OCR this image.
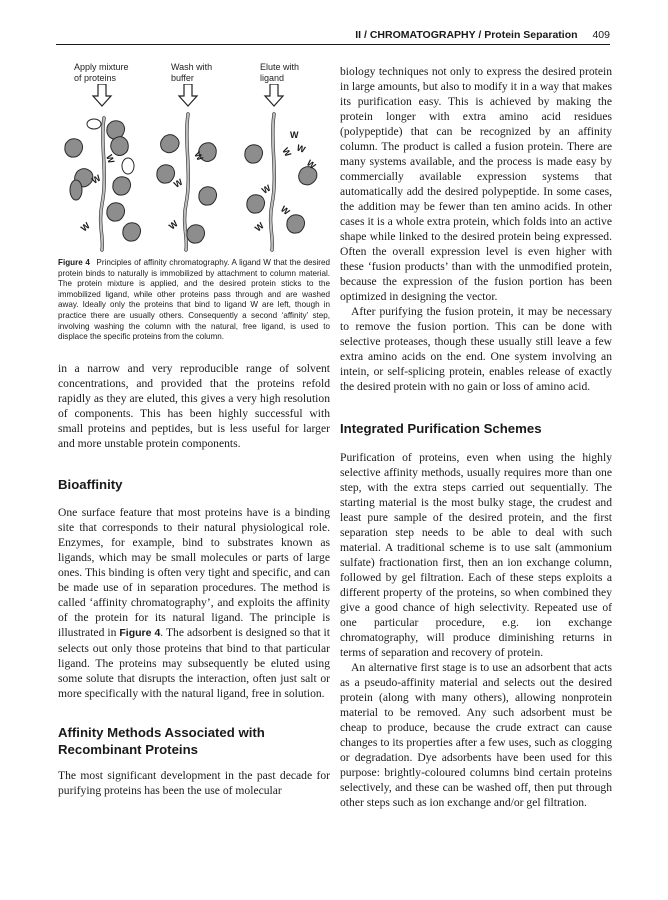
II / CHROMATOGRAPHY / Protein Separation 409
Apply mixture
of proteins
Wash with
buffer
Elute with
ligand
W
W
W
W
W
W
W
W
W
W
W
W
W
Figure 4 Principles of affinity chromatography. A ligand W that the desired protein binds to naturally is immobilized by attachment to column material. The protein mixture is applied, and the desired protein sticks to the immobilized ligand, while other proteins pass through and are washed away. Ideally only the proteins that bind to ligand W are left, though in practice there are usually others. Consequently a second ‘affinity’ step, involving washing the column with the natural, free ligand, is used to displace the specific proteins from the column.

in a narrow and very reproducible range of solvent concentrations, and provided that the proteins refold rapidly as they are eluted, this gives a very high resolution of components. This has been highly successful with small proteins and peptides, but is less useful for larger and more unstable protein components.

Bioaffinity

One surface feature that most proteins have is a binding site that corresponds to their natural physiological role. Enzymes, for example, bind to substrates known as ligands, which may be small molecules or parts of large ones. This binding is often very tight and specific, and can be made use of in separation procedures. The method is called ‘affinity chromatography’, and exploits the affinity of the protein for its natural ligand. The principle is illustrated in Figure 4. The adsorbent is designed so that it selects out only those proteins that bind to that particular ligand. The proteins may subsequently be eluted using some solute that disrupts the interaction, often just salt or more specifically with the natural ligand, free in solution.

Affinity Methods Associated with Recombinant Proteins

The most significant development in the past decade for purifying proteins has been the use of molecular

biology techniques not only to express the desired protein in large amounts, but also to modify it in a way that makes its purification easy. This is achieved by making the protein longer with extra amino acid residues (polypeptide) that can be recognized by an affinity column. The product is called a fusion protein. There are many systems available, and the process is made easy by commercially available expression systems that automatically add the desired polypeptide. In some cases, the addition may be fewer than ten amino acids. In other cases it is a whole extra protein, which folds into an active shape while linked to the desired protein being expressed. Often the overall expression level is even higher with these ‘fusion products’ than with the unmodified protein, because the expression of the fusion portion has been optimized in designing the vector.

After purifying the fusion protein, it may be necessary to remove the fusion portion. This can be done with selective proteases, though these usually still leave a few extra amino acids on the end. One system involving an intein, or self-splicing protein, enables release of exactly the desired protein with no gain or loss of amino acid.

Integrated Purification Schemes

Purification of proteins, even when using the highly selective affinity methods, usually requires more than one step, with the extra steps carried out sequentially. The starting material is the most bulky stage, the crudest and least pure sample of the desired protein, and the first separation step needs to be able to deal with such material. A traditional scheme is to use salt (ammonium sulfate) fractionation first, then an ion exchange column, followed by gel filtration. Each of these steps exploits a different property of the proteins, so when combined they give a good chance of high selectivity. Repeated use of one particular procedure, e.g. ion exchange chromatography, will produce diminishing returns in terms of separation and recovery of protein.

An alternative first stage is to use an adsorbent that acts as a pseudo-affinity material and selects out the desired protein (along with many others), allowing nonprotein material to be removed. Any such adsorbent must be cheap to produce, because the crude extract can cause changes to its properties after a few uses, such as clogging or degradation. Dye adsorbents have been used for this purpose: brightly-coloured columns bind certain proteins selectively, and these can be washed off, then put through other steps such as ion exchange and/or gel filtration.
